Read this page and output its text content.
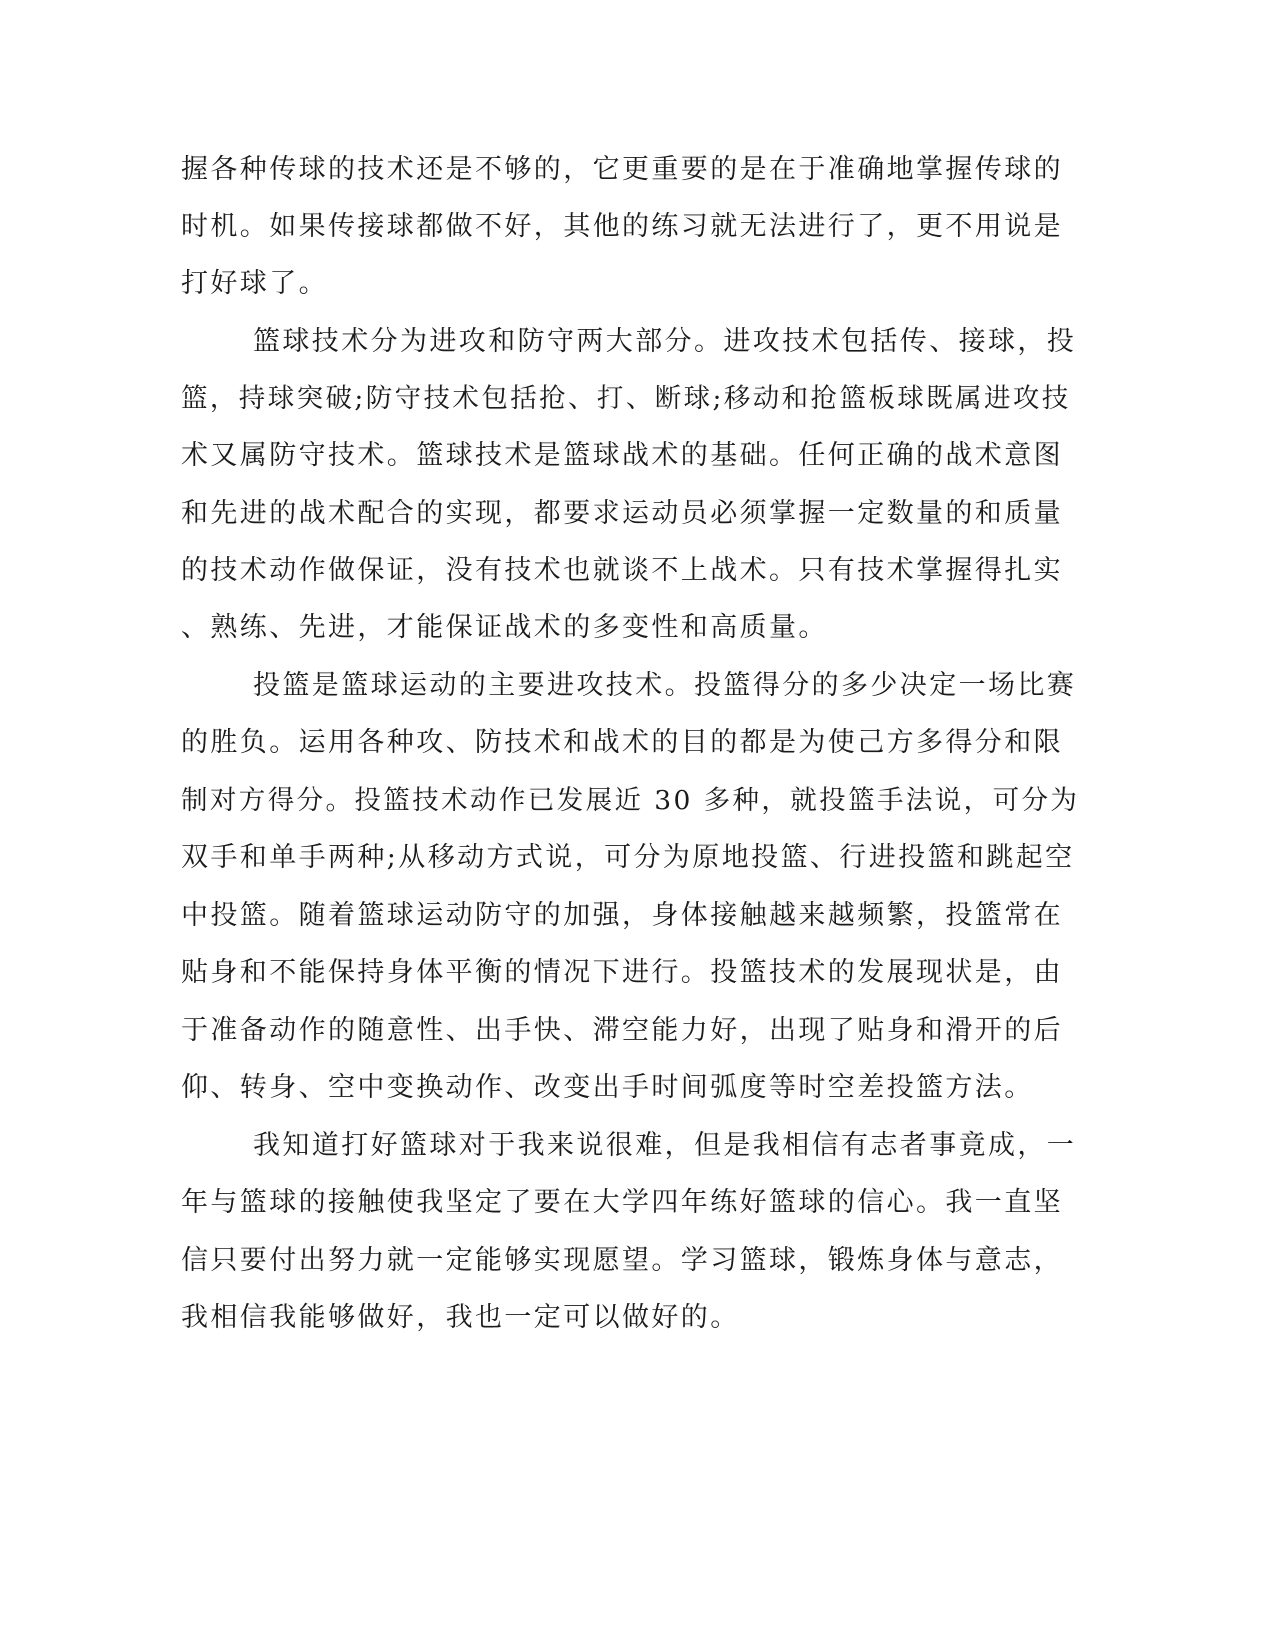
握各种传球的技术还是不够的，它更重要的是在于准确地掌握传球的
时机。如果传接球都做不好，其他的练习就无法进行了，更不用说是
打好球了。
篮球技术分为进攻和防守两大部分。进攻技术包括传、接球，投
篮，持球突破;防守技术包括抢、打、断球;移动和抢篮板球既属进攻技
术又属防守技术。篮球技术是篮球战术的基础。任何正确的战术意图
和先进的战术配合的实现，都要求运动员必须掌握一定数量的和质量
的技术动作做保证，没有技术也就谈不上战术。只有技术掌握得扎实
、熟练、先进，才能保证战术的多变性和高质量。
投篮是篮球运动的主要进攻技术。投篮得分的多少决定一场比赛
的胜负。运用各种攻、防技术和战术的目的都是为使己方多得分和限
制对方得分。投篮技术动作已发展近 30 多种，就投篮手法说，可分为
双手和单手两种;从移动方式说，可分为原地投篮、行进投篮和跳起空
中投篮。随着篮球运动防守的加强，身体接触越来越频繁，投篮常在
贴身和不能保持身体平衡的情况下进行。投篮技术的发展现状是，由
于准备动作的随意性、出手快、滞空能力好，出现了贴身和滑开的后
仰、转身、空中变换动作、改变出手时间弧度等时空差投篮方法。
我知道打好篮球对于我来说很难，但是我相信有志者事竟成，一
年与篮球的接触使我坚定了要在大学四年练好篮球的信心。我一直坚
信只要付出努力就一定能够实现愿望。学习篮球，锻炼身体与意志，
我相信我能够做好，我也一定可以做好的。
